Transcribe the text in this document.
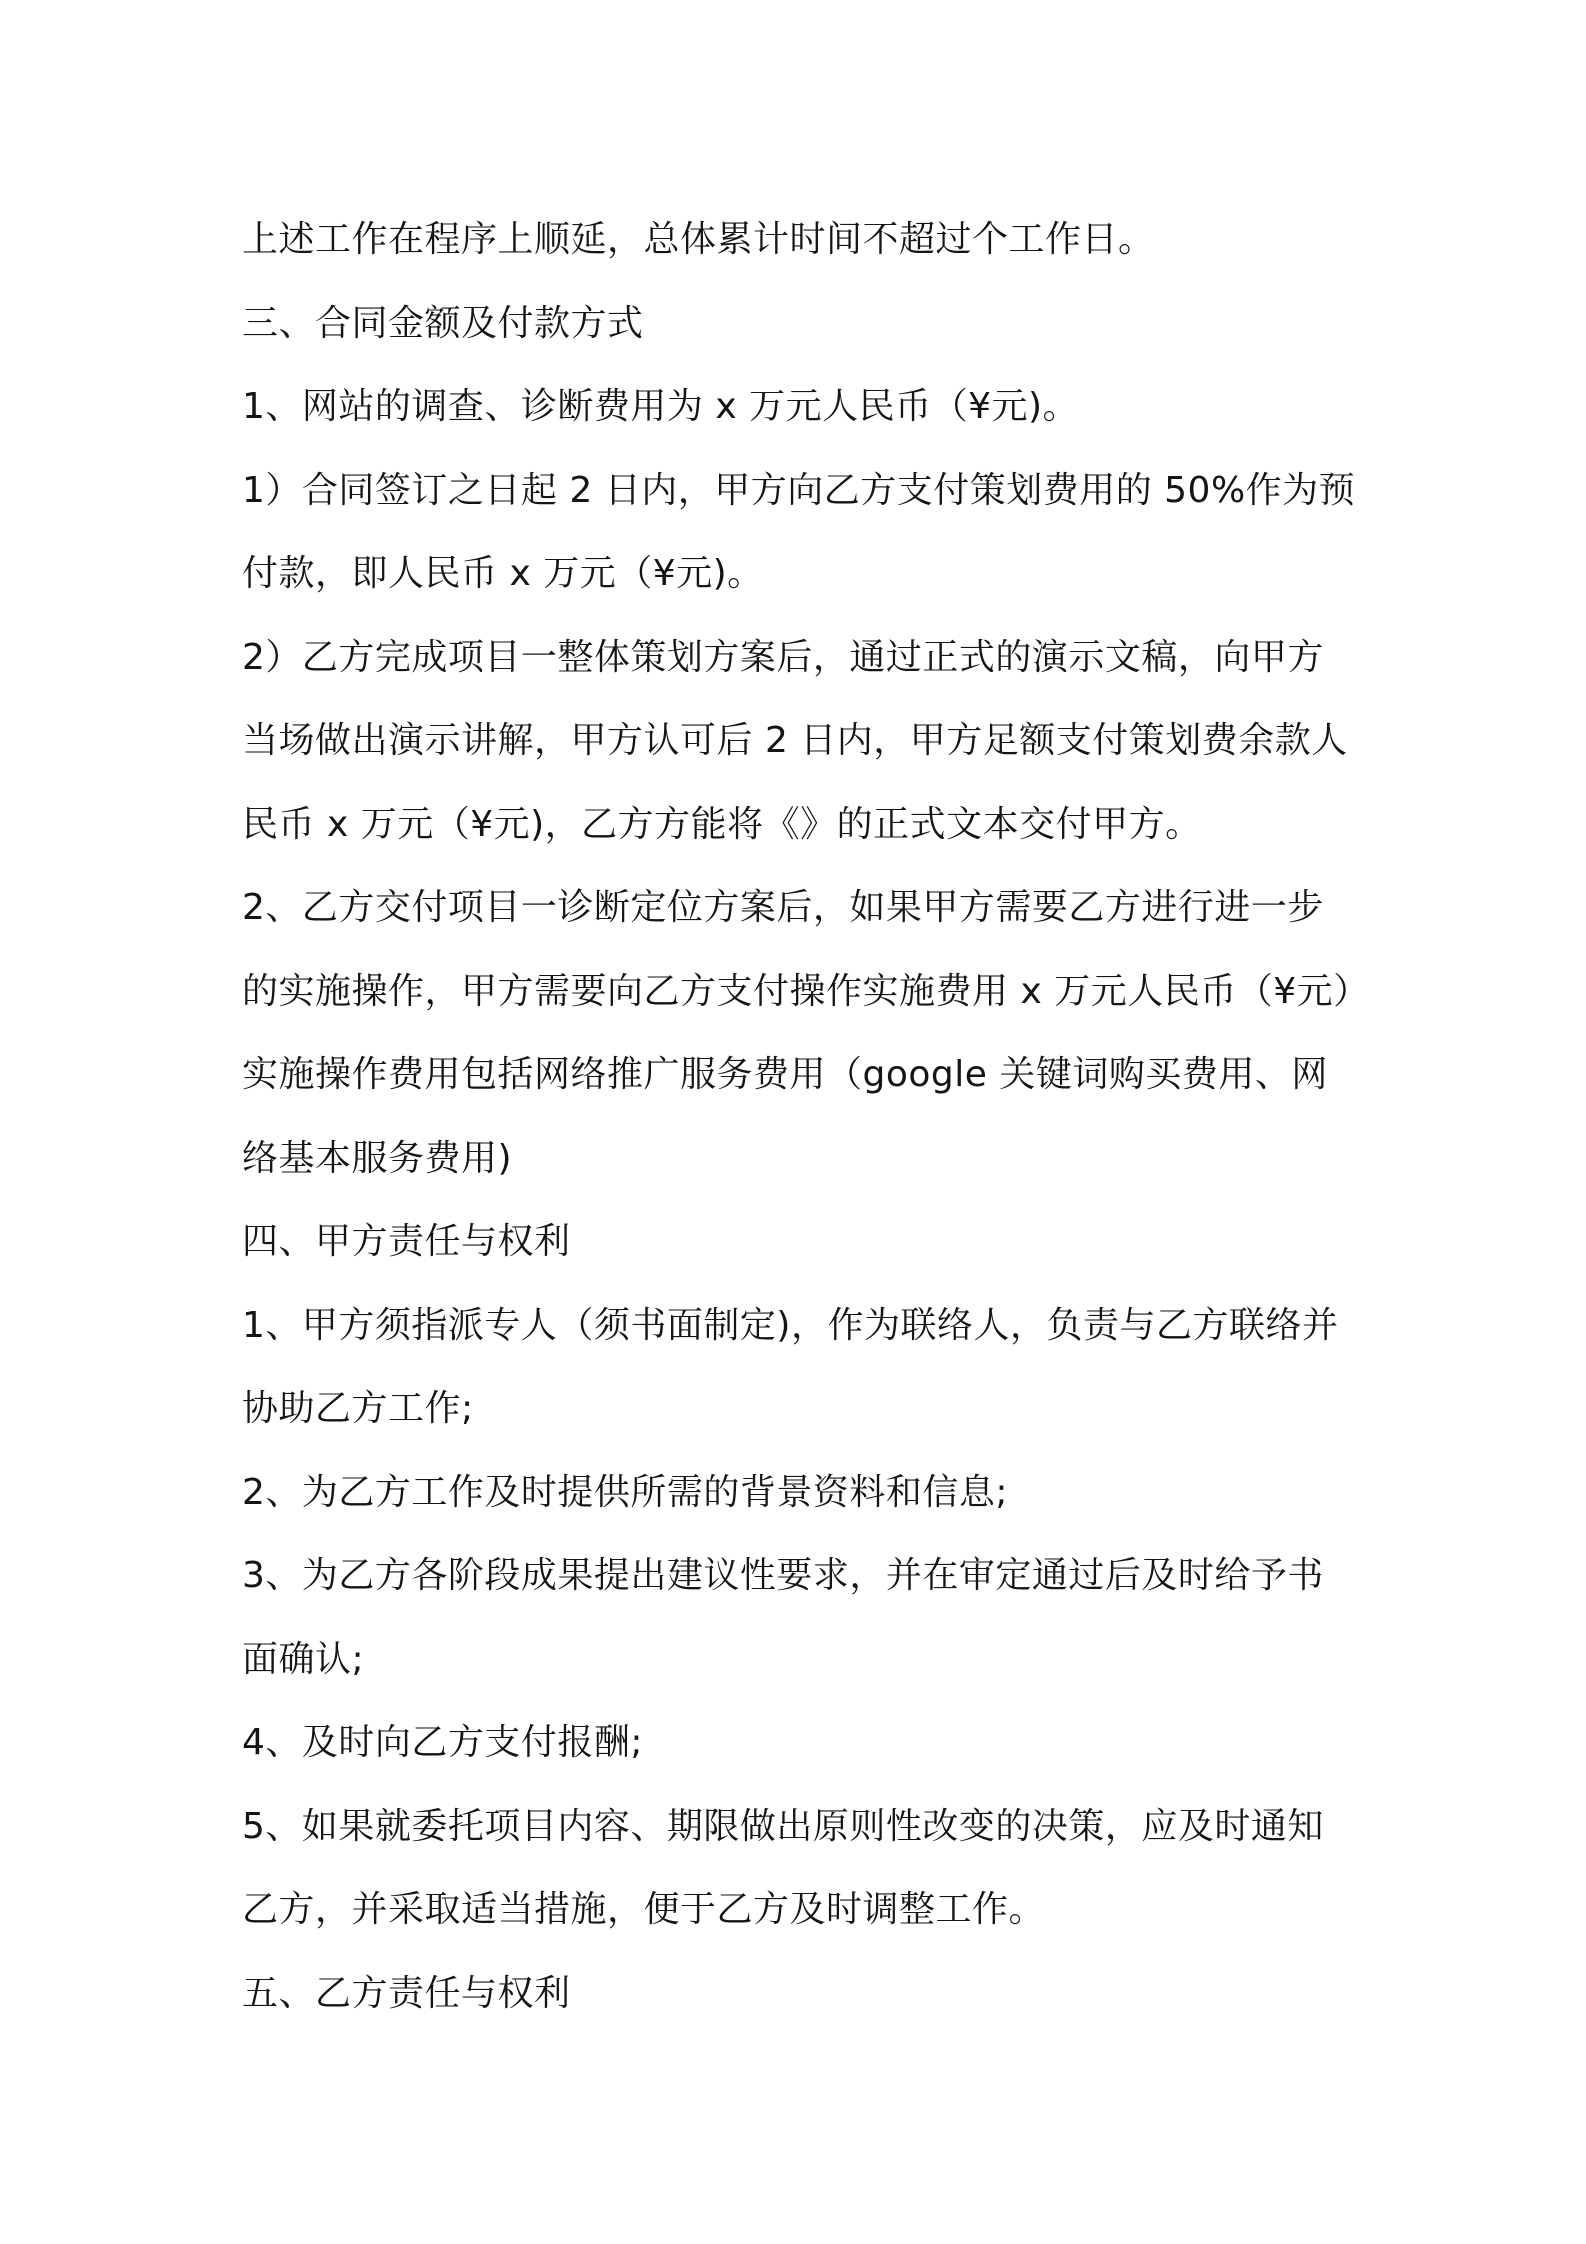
上述工作在程序上顺延，总体累计时间不超过个工作日。
三、合同金额及付款方式
1、网站的调查、诊断费用为 x 万元人民币（¥元)。
1）合同签订之日起 2 日内，甲方向乙方支付策划费用的 50%作为预
付款，即人民币 x 万元（¥元)。
2）乙方完成项目一整体策划方案后，通过正式的演示文稿，向甲方
当场做出演示讲解，甲方认可后 2 日内，甲方足额支付策划费余款人
民币 x 万元（¥元)，乙方方能将《》的正式文本交付甲方。
2、乙方交付项目一诊断定位方案后，如果甲方需要乙方进行进一步
的实施操作，甲方需要向乙方支付操作实施费用 x 万元人民币（¥元）
实施操作费用包括网络推广服务费用（google 关键词购买费用、网
络基本服务费用)
四、甲方责任与权利
1、甲方须指派专人（须书面制定)，作为联络人，负责与乙方联络并
协助乙方工作;
2、为乙方工作及时提供所需的背景资料和信息;
3、为乙方各阶段成果提出建议性要求，并在审定通过后及时给予书
面确认;
4、及时向乙方支付报酬;
5、如果就委托项目内容、期限做出原则性改变的决策，应及时通知
乙方，并采取适当措施，便于乙方及时调整工作。
五、乙方责任与权利
